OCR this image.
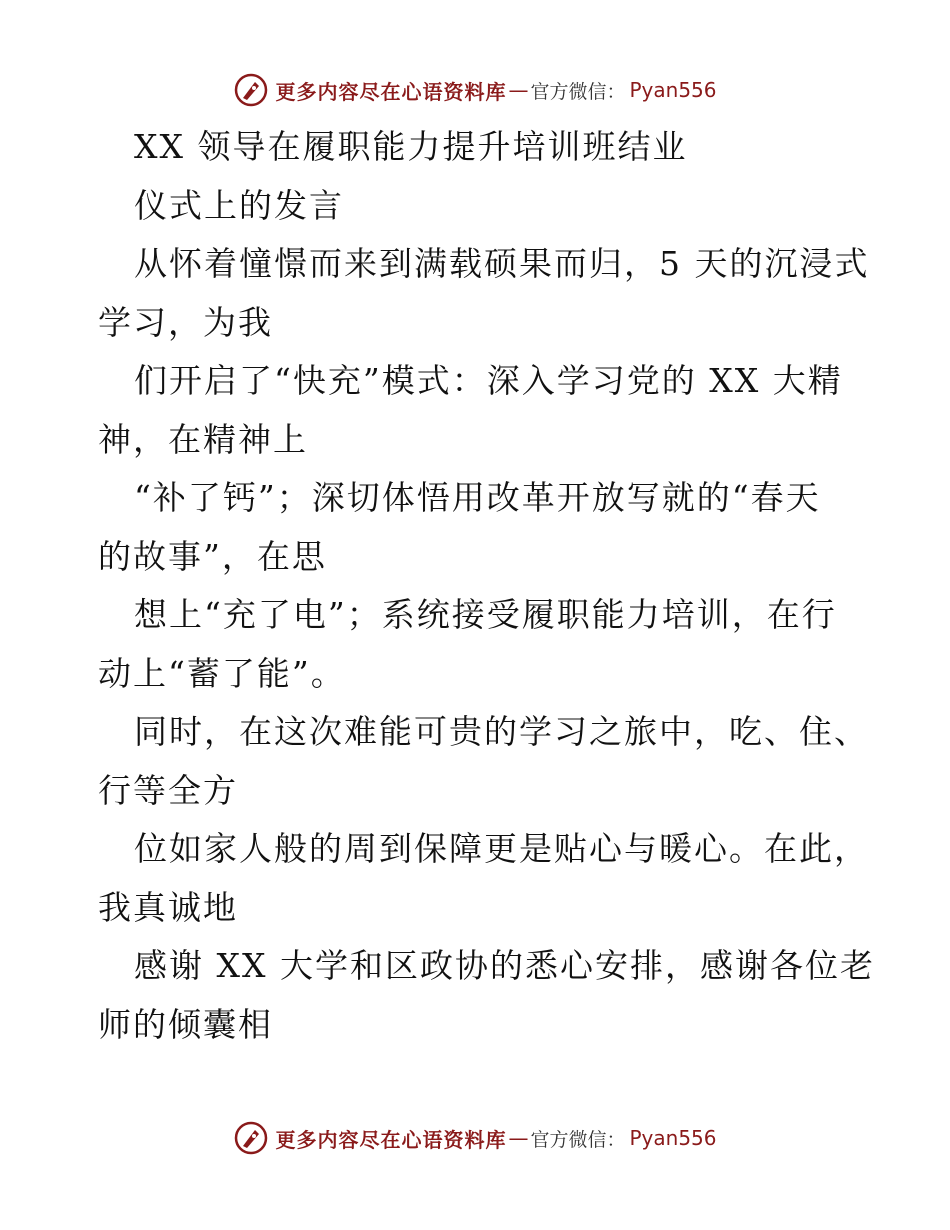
更多内容尽在心语资料库 — 官方微信 ： Pyan556
XX 领导在履职能力提升培训班结业
仪式上的发言
从怀着憧憬而来到满载硕果而归，5 天的沉浸式
学习，为我
们开启了“快充”模式：深入学习党的 XX 大精
神，在精神上
“补了钙”；深切体悟用改革开放写就的“春天
的故事”，在思
想上“充了电”；系统接受履职能力培训，在行
动上“蓄了能”。
同时，在这次难能可贵的学习之旅中，吃、住、
行等全方
位如家人般的周到保障更是贴心与暖心。在此，
我真诚地
感谢 XX 大学和区政协的悉心安排，感谢各位老
师的倾囊相
更多内容尽在心语资料库 — 官方微信 ： Pyan556
